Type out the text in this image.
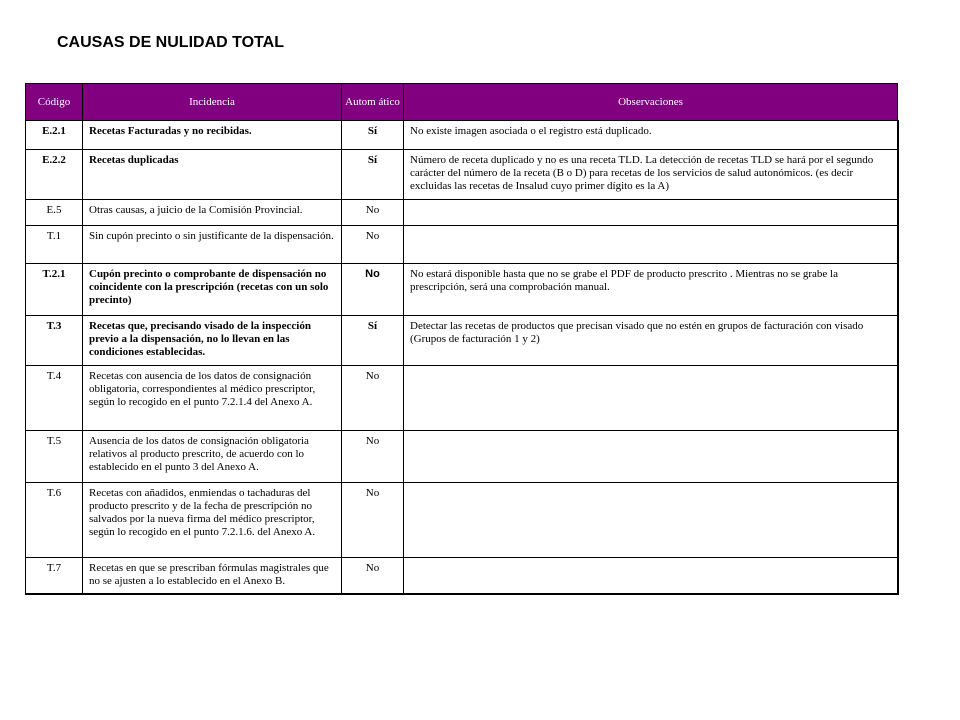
CAUSAS DE NULIDAD TOTAL
Código	Incidencia	Autom ático	Observaciones
E.2.1	Recetas Facturadas y no recibidas.	Sí	No existe imagen asociada o el registro está duplicado.
E.2.2	Recetas duplicadas	Sí	Número de receta duplicado y no es una receta TLD. La detección de recetas TLD se hará por el segundo carácter del número de la receta (B o D) para recetas de los servicios de salud autonómicos. (es decir excluidas las recetas de Insalud cuyo primer dígito es la A)
E.5	Otras causas, a juicio de la Comisión Provincial.	No	
T.1	Sin cupón precinto o sin justificante de la dispensación.	No	
T.2.1	Cupón precinto o comprobante de dispensación no coincidente con la prescripción (recetas con un solo precinto)	No	No estará disponible hasta que no se grabe el PDF de producto prescrito . Mientras no se grabe la prescripción, será una comprobación manual.
T.3	Recetas que, precisando visado de la inspección previo a la dispensación, no lo llevan en las condiciones establecidas.	Sí	Detectar las recetas de productos que precisan visado que no estén en grupos de facturación con visado (Grupos de facturación 1 y 2)
T.4	Recetas con ausencia de los datos de consignación obligatoria, correspondientes al médico prescriptor, según lo recogido en el punto 7.2.1.4 del Anexo A.	No	
T.5	Ausencia de los datos de consignación obligatoria relativos al producto prescrito, de acuerdo con lo establecido en el punto 3 del Anexo A.	No	
T.6	Recetas con añadidos, enmiendas o tachaduras del producto prescrito y de la fecha de prescripción no salvados por la nueva firma del médico prescriptor, según lo recogido en el punto 7.2.1.6. del Anexo A.	No	
T.7	Recetas en que se prescriban fórmulas magistrales que no se ajusten a lo establecido en el Anexo B.	No	
